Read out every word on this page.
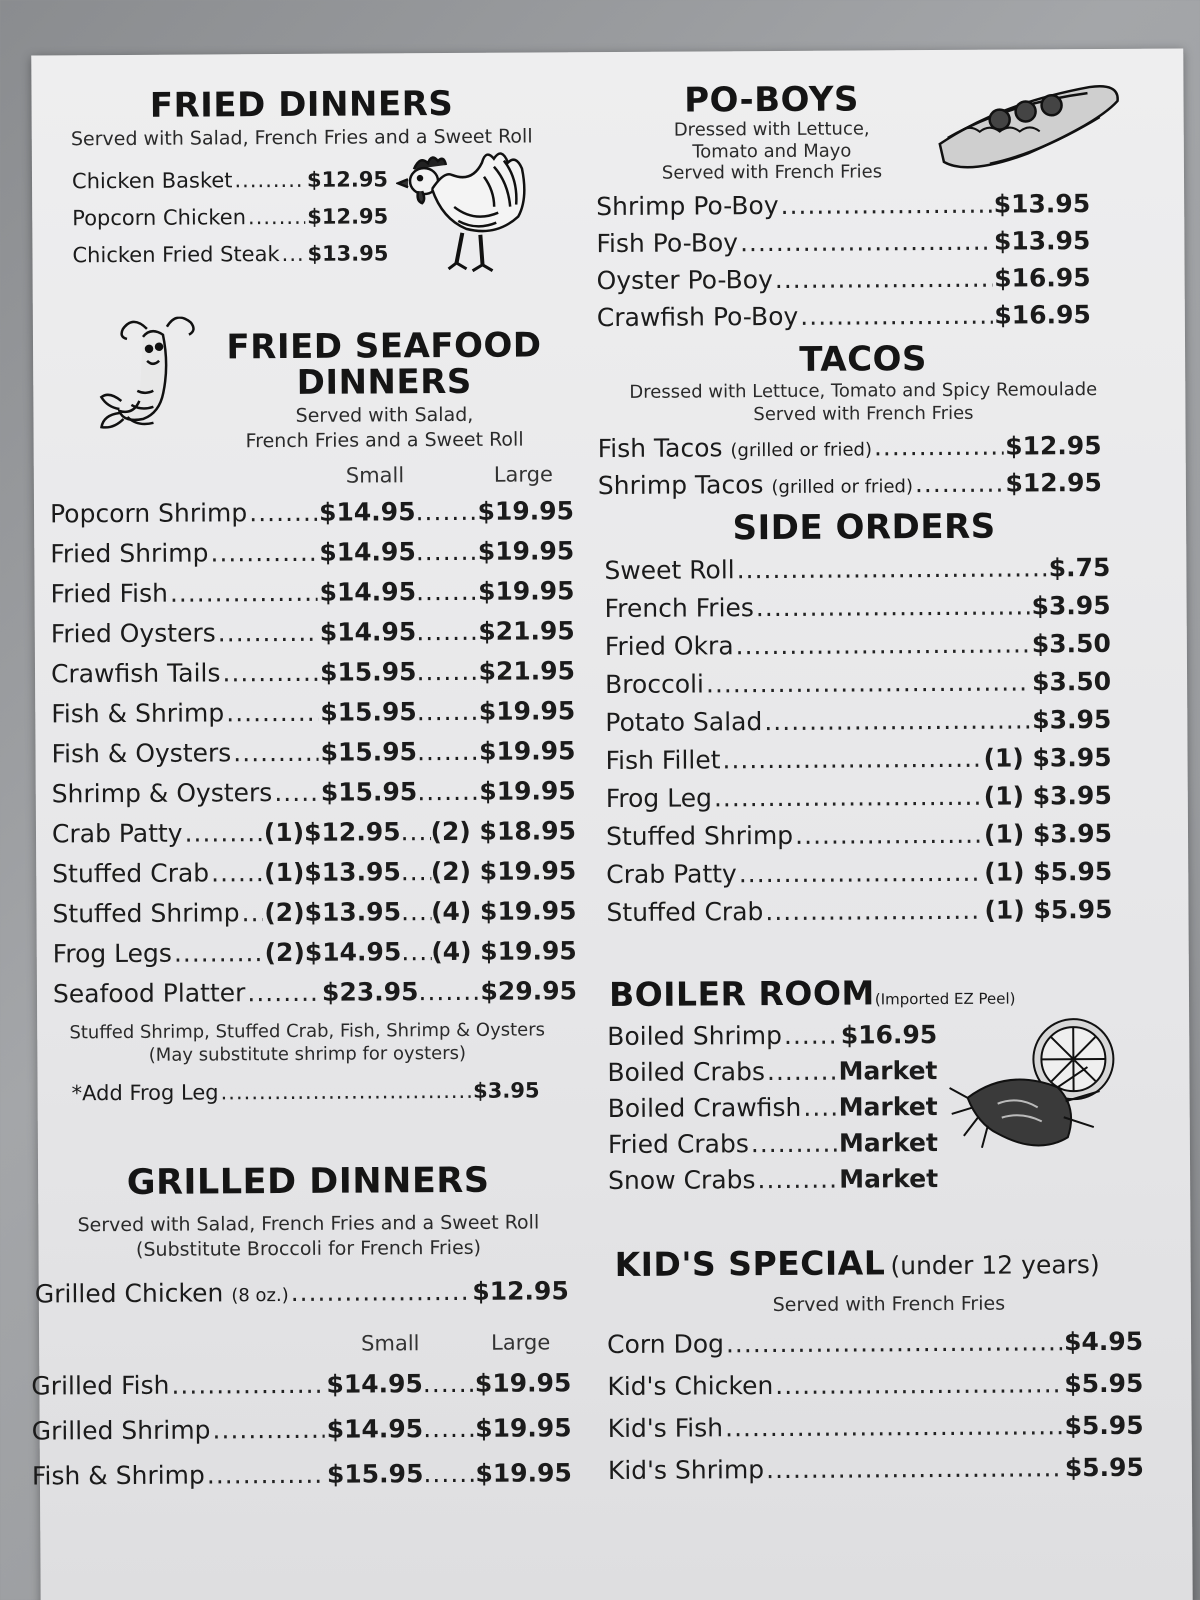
FRIED DINNERS
Served with Salad, French Fries and a Sweet Roll
Chicken Basket .....	$12.95
Popcorn Chicken .....	$12.95
Chicken Fried Steak ..... $13.95
FRIED SEAFOOD
DINNERS
Served with Salad,
French Fries and a Sweet Roll
Small	Large
Popcorn Shrimp .....	$14.95 ..... $19.95
Fried Shrimp .....	$14.95 ..... $19.95
Fried Fish .....	$14.95 ..... $19.95
Fried Oysters .....	$14.95 ..... $21.95
Crawfish Tails .....	$15.95 ..... $21.95
Fish & Shrimp .....	$15.95 ..... $19.95
Fish & Oysters .....	$15.95 ..... $19.95
Shrimp & Oysters ..... $15.95 ..... $19.95
Crab Patty .....	(1)$12.95 ..... (2) $18.95
Stuffed Crab ..... (1)$13.95 ..... (2) $19.95
Stuffed Shrimp ..... (2)$13.95 ..... (4) $19.95
Frog Legs .....	(2)$14.95 ..... (4) $19.95
Seafood Platter .....	$23.95 ..... $29.95
Stuffed Shrimp, Stuffed Crab, Fish, Shrimp & Oysters
(May substitute shrimp for oysters)
*Add Frog Leg .....	$3.95
GRILLED DINNERS
Served with Salad, French Fries and a Sweet Roll
(Substitute Broccoli for French Fries)
Grilled Chicken (8 oz.) .....	$12.95
Small	Large
Grilled Fish .....	$14.95 ..... $19.95
Grilled Shrimp .....	$14.95 ..... $19.95
Fish & Shrimp .....	$15.95 ..... $19.95
PO-BOYS
Dressed with Lettuce,
Tomato and Mayo
Served with French Fries
Shrimp Po-Boy .....	$13.95
Fish Po-Boy .....	$13.95
Oyster Po-Boy .....	$16.95
Crawfish Po-Boy .....	$16.95
TACOS
Dressed with Lettuce, Tomato and Spicy Remoulade
Served with French Fries
Fish Tacos (grilled or fried) .....	$12.95
Shrimp Tacos (grilled or fried) .....	$12.95
SIDE ORDERS
Sweet Roll .....	$.75
French Fries .....	$3.95
Fried Okra .....	$3.50
Broccoli .....	$3.50
Potato Salad .....	$3.95
Fish Fillet .....	(1) $3.95
Frog Leg .....	(1) $3.95
Stuffed Shrimp .....	(1) $3.95
Crab Patty .....	(1) $5.95
Stuffed Crab .....	(1) $5.95
BOILER ROOM(Imported EZ Peel)
Boiled Shrimp ..... $16.95
Boiled Crabs .....	Market
Boiled Crawfish ..... Market
Fried Crabs .....	Market
Snow Crabs .....	Market
KID'S SPECIAL (under 12 years)
Served with French Fries
Corn Dog .....	$4.95
Kid's Chicken .....	$5.95
Kid's Fish .....	$5.95
Kid's Shrimp .....	$5.95
